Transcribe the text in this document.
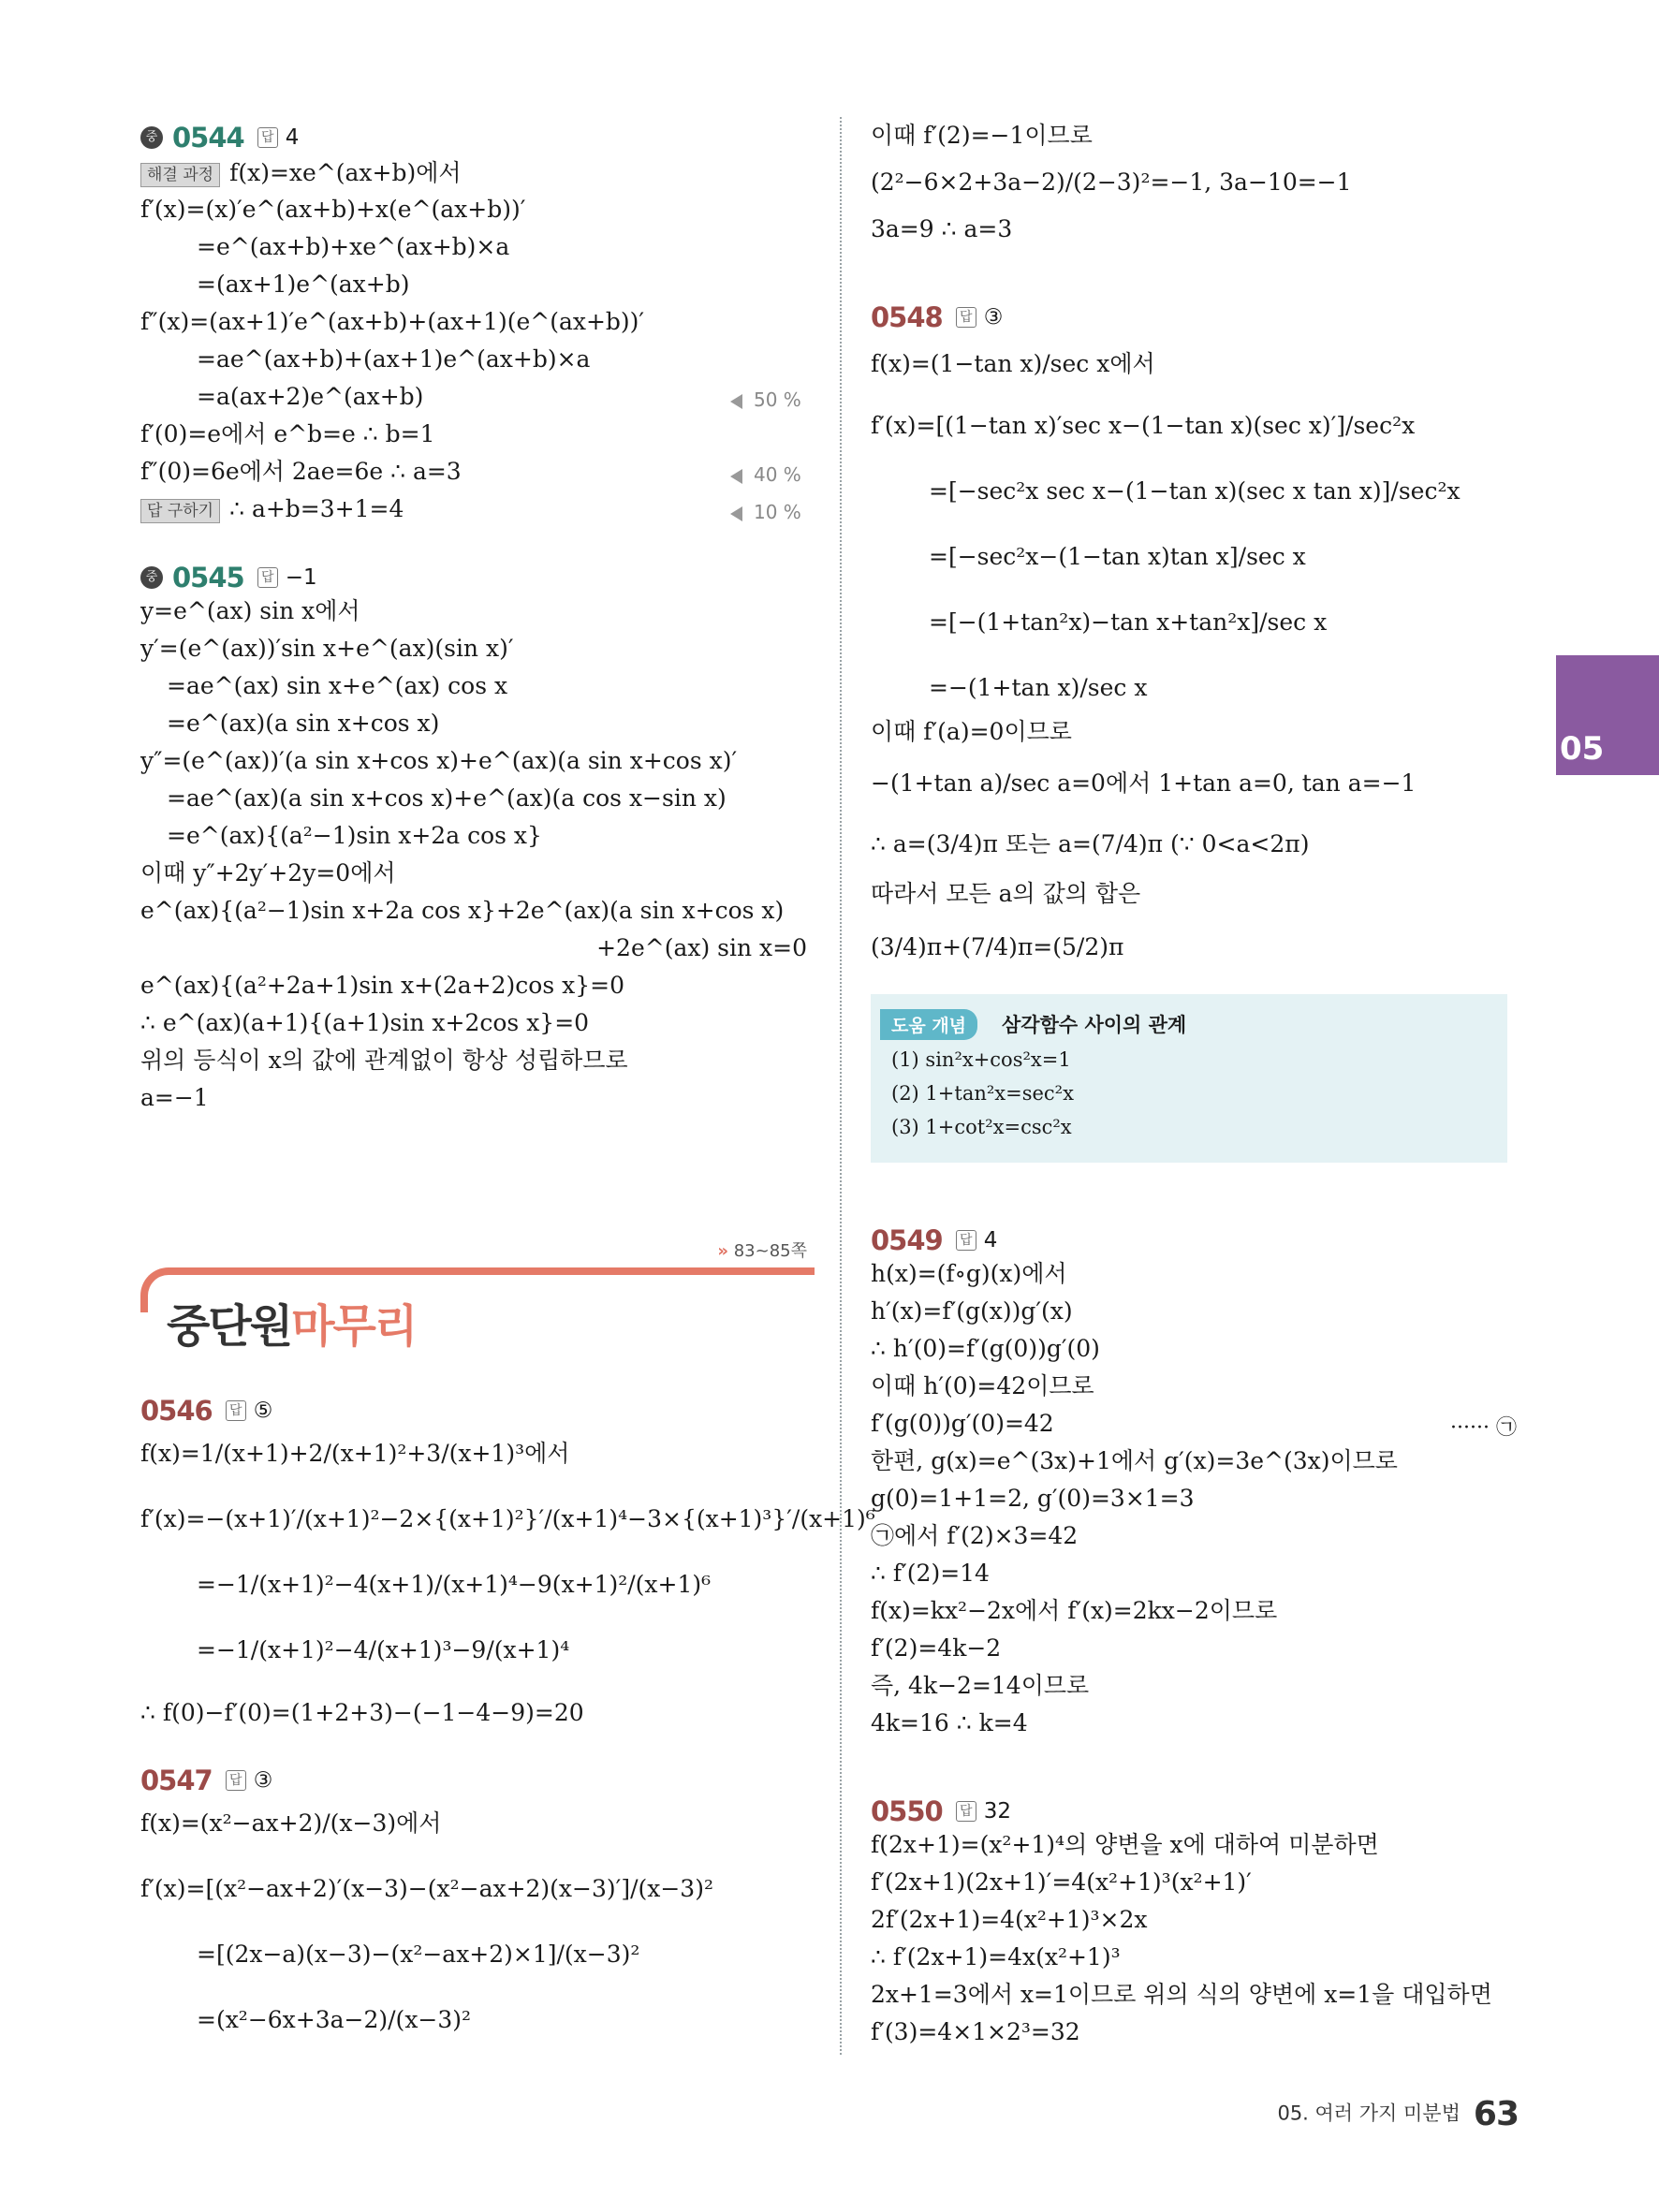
중 0544	답 4
해결 과정 f(x)=xe^(ax+b)에서
f′(x)=(x)′e^(ax+b)+x(e^(ax+b))′
=e^(ax+b)+xe^(ax+b)×a
=(ax+1)e^(ax+b)
f″(x)=(ax+1)′e^(ax+b)+(ax+1)(e^(ax+b))′
=ae^(ax+b)+(ax+1)e^(ax+b)×a
=a(ax+2)e^(ax+b)
f′(0)=e에서 e^b=e ∴ b=1
f″(0)=6e에서 2ae=6e ∴ a=3
답 구하기 ∴ a+b=3+1=4
50 %
40 %
10 %
중 0545	답 −1
y=e^(ax) sin x에서
y′=(e^(ax))′sin x+e^(ax)(sin x)′
=ae^(ax) sin x+e^(ax) cos x
=e^(ax)(a sin x+cos x)
y″=(e^(ax))′(a sin x+cos x)+e^(ax)(a sin x+cos x)′
=ae^(ax)(a sin x+cos x)+e^(ax)(a cos x−sin x)
=e^(ax){(a²−1)sin x+2a cos x}
이때 y″+2y′+2y=0에서
e^(ax){(a²−1)sin x+2a cos x}+2e^(ax)(a sin x+cos x)
+2e^(ax) sin x=0
e^(ax){(a²+2a+1)sin x+(2a+2)cos x}=0
∴ e^(ax)(a+1){(a+1)sin x+2cos x}=0
위의 등식이 x의 값에 관계없이 항상 성립하므로
a=−1
» 83~85쪽
중단원마무리
0546	답 ⑤
f(x)=1/(x+1)+2/(x+1)²+3/(x+1)³에서
f′(x)=−(x+1)′/(x+1)²−2×{(x+1)²}′/(x+1)⁴−3×{(x+1)³}′/(x+1)⁶
=−1/(x+1)²−4(x+1)/(x+1)⁴−9(x+1)²/(x+1)⁶
=−1/(x+1)²−4/(x+1)³−9/(x+1)⁴
∴ f(0)−f′(0)=(1+2+3)−(−1−4−9)=20
0547	답 ③
f(x)=(x²−ax+2)/(x−3)에서
f′(x)=[(x²−ax+2)′(x−3)−(x²−ax+2)(x−3)′]/(x−3)²
=[(2x−a)(x−3)−(x²−ax+2)×1]/(x−3)²
=(x²−6x+3a−2)/(x−3)²
이때 f′(2)=−1이므로
(2²−6×2+3a−2)/(2−3)²=−1, 3a−10=−1
3a=9 ∴ a=3
0548	답 ③
f(x)=(1−tan x)/sec x에서
f′(x)=[(1−tan x)′sec x−(1−tan x)(sec x)′]/sec²x
=[−sec²x sec x−(1−tan x)(sec x tan x)]/sec²x
=[−sec²x−(1−tan x)tan x]/sec x
=[−(1+tan²x)−tan x+tan²x]/sec x
=−(1+tan x)/sec x
이때 f′(a)=0이므로
−(1+tan a)/sec a=0에서 1+tan a=0, tan a=−1
∴ a=(3/4)π 또는 a=(7/4)π (∵ 0<a<2π)
따라서 모든 a의 값의 합은
(3/4)π+(7/4)π=(5/2)π
도움 개념	삼각함수 사이의 관계
(1) sin²x+cos²x=1
(2) 1+tan²x=sec²x
(3) 1+cot²x=csc²x
0549	답 4
h(x)=(f∘g)(x)에서
h′(x)=f′(g(x))g′(x)
∴ h′(0)=f′(g(0))g′(0)
이때 h′(0)=42이므로
f′(g(0))g′(0)=42	······ ㉠
한편, g(x)=e^(3x)+1에서 g′(x)=3e^(3x)이므로
g(0)=1+1=2, g′(0)=3×1=3
㉠에서 f′(2)×3=42
∴ f′(2)=14
f(x)=kx²−2x에서 f′(x)=2kx−2이므로
f′(2)=4k−2
즉, 4k−2=14이므로
4k=16 ∴ k=4
0550	답 32
f(2x+1)=(x²+1)⁴의 양변을 x에 대하여 미분하면
f′(2x+1)(2x+1)′=4(x²+1)³(x²+1)′
2f′(2x+1)=4(x²+1)³×2x
∴ f′(2x+1)=4x(x²+1)³
2x+1=3에서 x=1이므로 위의 식의 양변에 x=1을 대입하면
f′(3)=4×1×2³=32
05
05. 여러 가지 미분법 63
